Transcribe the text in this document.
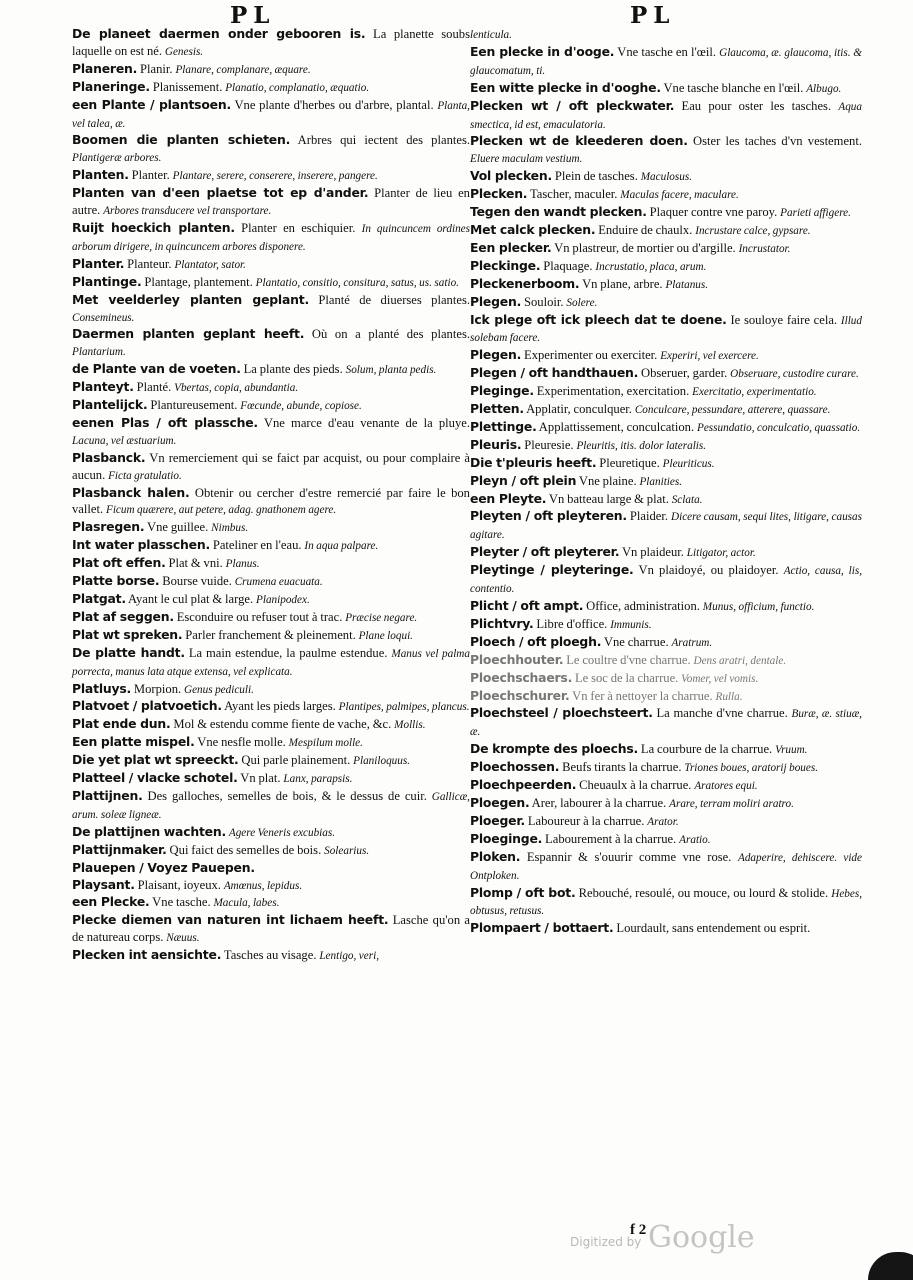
PL	PL

De planeet daermen onder gebooren is. La planette soubs laquelle on est né. Genesis.

Planeren. Planir. Planare, complanare, æquare.

Planeringe. Planissement. Planatio, complanatio, æquatio.

een Plante / plantsoen. Vne plante d'herbes ou d'arbre, plantal. Planta, vel talea, æ.

Boomen die planten schieten. Arbres qui iectent des plantes. Plantigeræ arbores.

Planten. Planter. Plantare, serere, conserere, inserere, pangere.

Planten van d'een plaetse tot ep d'ander. Planter de lieu en autre. Arbores transducere vel transportare.

Ruijt hoeckich planten. Planter en eschiquier. In quincuncem ordines arborum dirigere, in quincuncem arbores disponere.

Planter. Planteur. Plantator, sator.

Plantinge. Plantage, plantement. Plantatio, consitio, consitura, satus, us. satio.

Met veelderley planten geplant. Planté de diuerses plantes. Consemineus.

Daermen planten geplant heeft. Où on a planté des plantes. Plantarium.

de Plante van de voeten. La plante des pieds. Solum, planta pedis.

Planteyt. Planté. Vbertas, copia, abundantia.

Plantelijck. Plantureusement. Fœcunde, abunde, copiose.

eenen Plas / oft plassche. Vne marce d'eau venante de la pluye. Lacuna, vel æstuarium.

Plasbanck. Vn remerciement qui se faict par acquist, ou pour complaire à aucun. Ficta gratulatio.

Plasbanck halen. Obtenir ou cercher d'estre remercié par faire le bon vallet. Ficum quærere, aut petere, adag. gnathonem agere.

Plasregen. Vne guillee. Nimbus.

Int water plasschen. Pateliner en l'eau. In aqua palpare.

Plat oft effen. Plat & vni. Planus.

Platte borse. Bourse vuide. Crumena euacuata.

Platgat. Ayant le cul plat & large. Planipodex.

Plat af seggen. Esconduire ou refuser tout à trac. Præcise negare.

Plat wt spreken. Parler franchement & pleinement. Plane loqui.

De platte handt. La main estendue, la paulme estendue. Manus vel palma porrecta, manus lata atque extensa, vel explicata.

Platluys. Morpion. Genus pediculi.

Platvoet / platvoetich. Ayant les pieds larges. Plantipes, palmipes, plancus.

Plat ende dun. Mol & estendu comme fiente de vache, &c. Mollis.

Een platte mispel. Vne nesfle molle. Mespilum molle.

Die yet plat wt spreeckt. Qui parle plainement. Planiloquus.

Platteel / vlacke schotel. Vn plat. Lanx, parapsis.

Plattijnen. Des galloches, semelles de bois, & le dessus de cuir. Gallicæ, arum. soleæ ligneæ.

De plattijnen wachten. Agere Veneris excubias.

Plattijnmaker. Qui faict des semelles de bois. Solearius.

Plauepen / Voyez Pauepen.

Playsant. Plaisant, ioyeux. Amœnus, lepidus.

een Plecke. Vne tasche. Macula, labes.

Plecke diemen van naturen int lichaem heeft. Lasche qu'on a de natureau corps. Næuus.

Plecken int aensichte. Tasches au visage. Lentigo, veri,

lenticula.

Een plecke in d'ooge. Vne tasche en l'œil. Glaucoma, æ. glaucoma, itis. & glaucomatum, ti.

Een witte plecke in d'ooghe. Vne tasche blanche en l'œil. Albugo.

Plecken wt / oft pleckwater. Eau pour oster les tasches. Aqua smectica, id est, emaculatoria.

Plecken wt de kleederen doen. Oster les taches d'vn vestement. Eluere maculam vestium.

Vol plecken. Plein de tasches. Maculosus.

Plecken. Tascher, maculer. Maculas facere, maculare.

Tegen den wandt plecken. Plaquer contre vne paroy. Parieti affigere.

Met calck plecken. Enduire de chaulx. Incrustare calce, gypsare.

Een plecker. Vn plastreur, de mortier ou d'argille. Incrustator.

Pleckinge. Plaquage. Incrustatio, placa, arum.

Pleckenerboom. Vn plane, arbre. Platanus.

Plegen. Souloir. Solere.

Ick plege oft ick pleech dat te doene. Ie souloye faire cela. Illud solebam facere.

Plegen. Experimenter ou exerciter. Experiri, vel exercere.

Plegen / oft handthauen. Obseruer, garder. Obseruare, custodire curare.

Pleginge. Experimentation, exercitation. Exercitatio, experimentatio.

Pletten. Applatir, conculquer. Conculcare, pessundare, atterere, quassare.

Plettinge. Applattissement, conculcation. Pessundatio, conculcatio, quassatio.

Pleuris. Pleuresie. Pleuritis, itis. dolor lateralis.

Die t'pleuris heeft. Pleuretique. Pleuriticus.

Pleyn / oft plein Vne plaine. Planities.

een Pleyte. Vn batteau large & plat. Sclata.

Pleyten / oft pleyteren. Plaider. Dicere causam, sequi lites, litigare, causas agitare.

Pleyter / oft pleyterer. Vn plaideur. Litigator, actor.

Pleytinge / pleyteringe. Vn plaidoyé, ou plaidoyer. Actio, causa, lis, contentio.

Plicht / oft ampt. Office, administration. Munus, officium, functio.

Plichtvry. Libre d'office. Immunis.

Ploech / oft ploegh. Vne charrue. Aratrum.

Ploechhouter. Le coultre d'vne charrue. Dens aratri, dentale.

Ploechschaers. Le soc de la charrue. Vomer, vel vomis.

Ploechschurer. Vn fer à nettoyer la charrue. Rulla.

Ploechsteel / ploechsteert. La manche d'vne charrue. Buræ, æ. stiuæ, æ.

De krompte des ploechs. La courbure de la charrue. Vruum.

Ploechossen. Beufs tirants la charrue. Triones boues, aratorij boues.

Ploechpeerden. Cheuaulx à la charrue. Aratores equi.

Ploegen. Arer, labourer à la charrue. Arare, terram moliri aratro.

Ploeger. Laboureur à la charrue. Arator.

Ploeginge. Labourement à la charrue. Aratio.

Ploken. Espannir & s'ouurir comme vne rose. Adaperire, dehiscere. vide Ontploken.

Plomp / oft bot. Rebouché, resoulé, ou mouce, ou lourd & stolide. Hebes, obtusus, retusus.

Plompaert / bottaert. Lourdault, sans entendement ou esprit.

f 2
Digitized by Google
